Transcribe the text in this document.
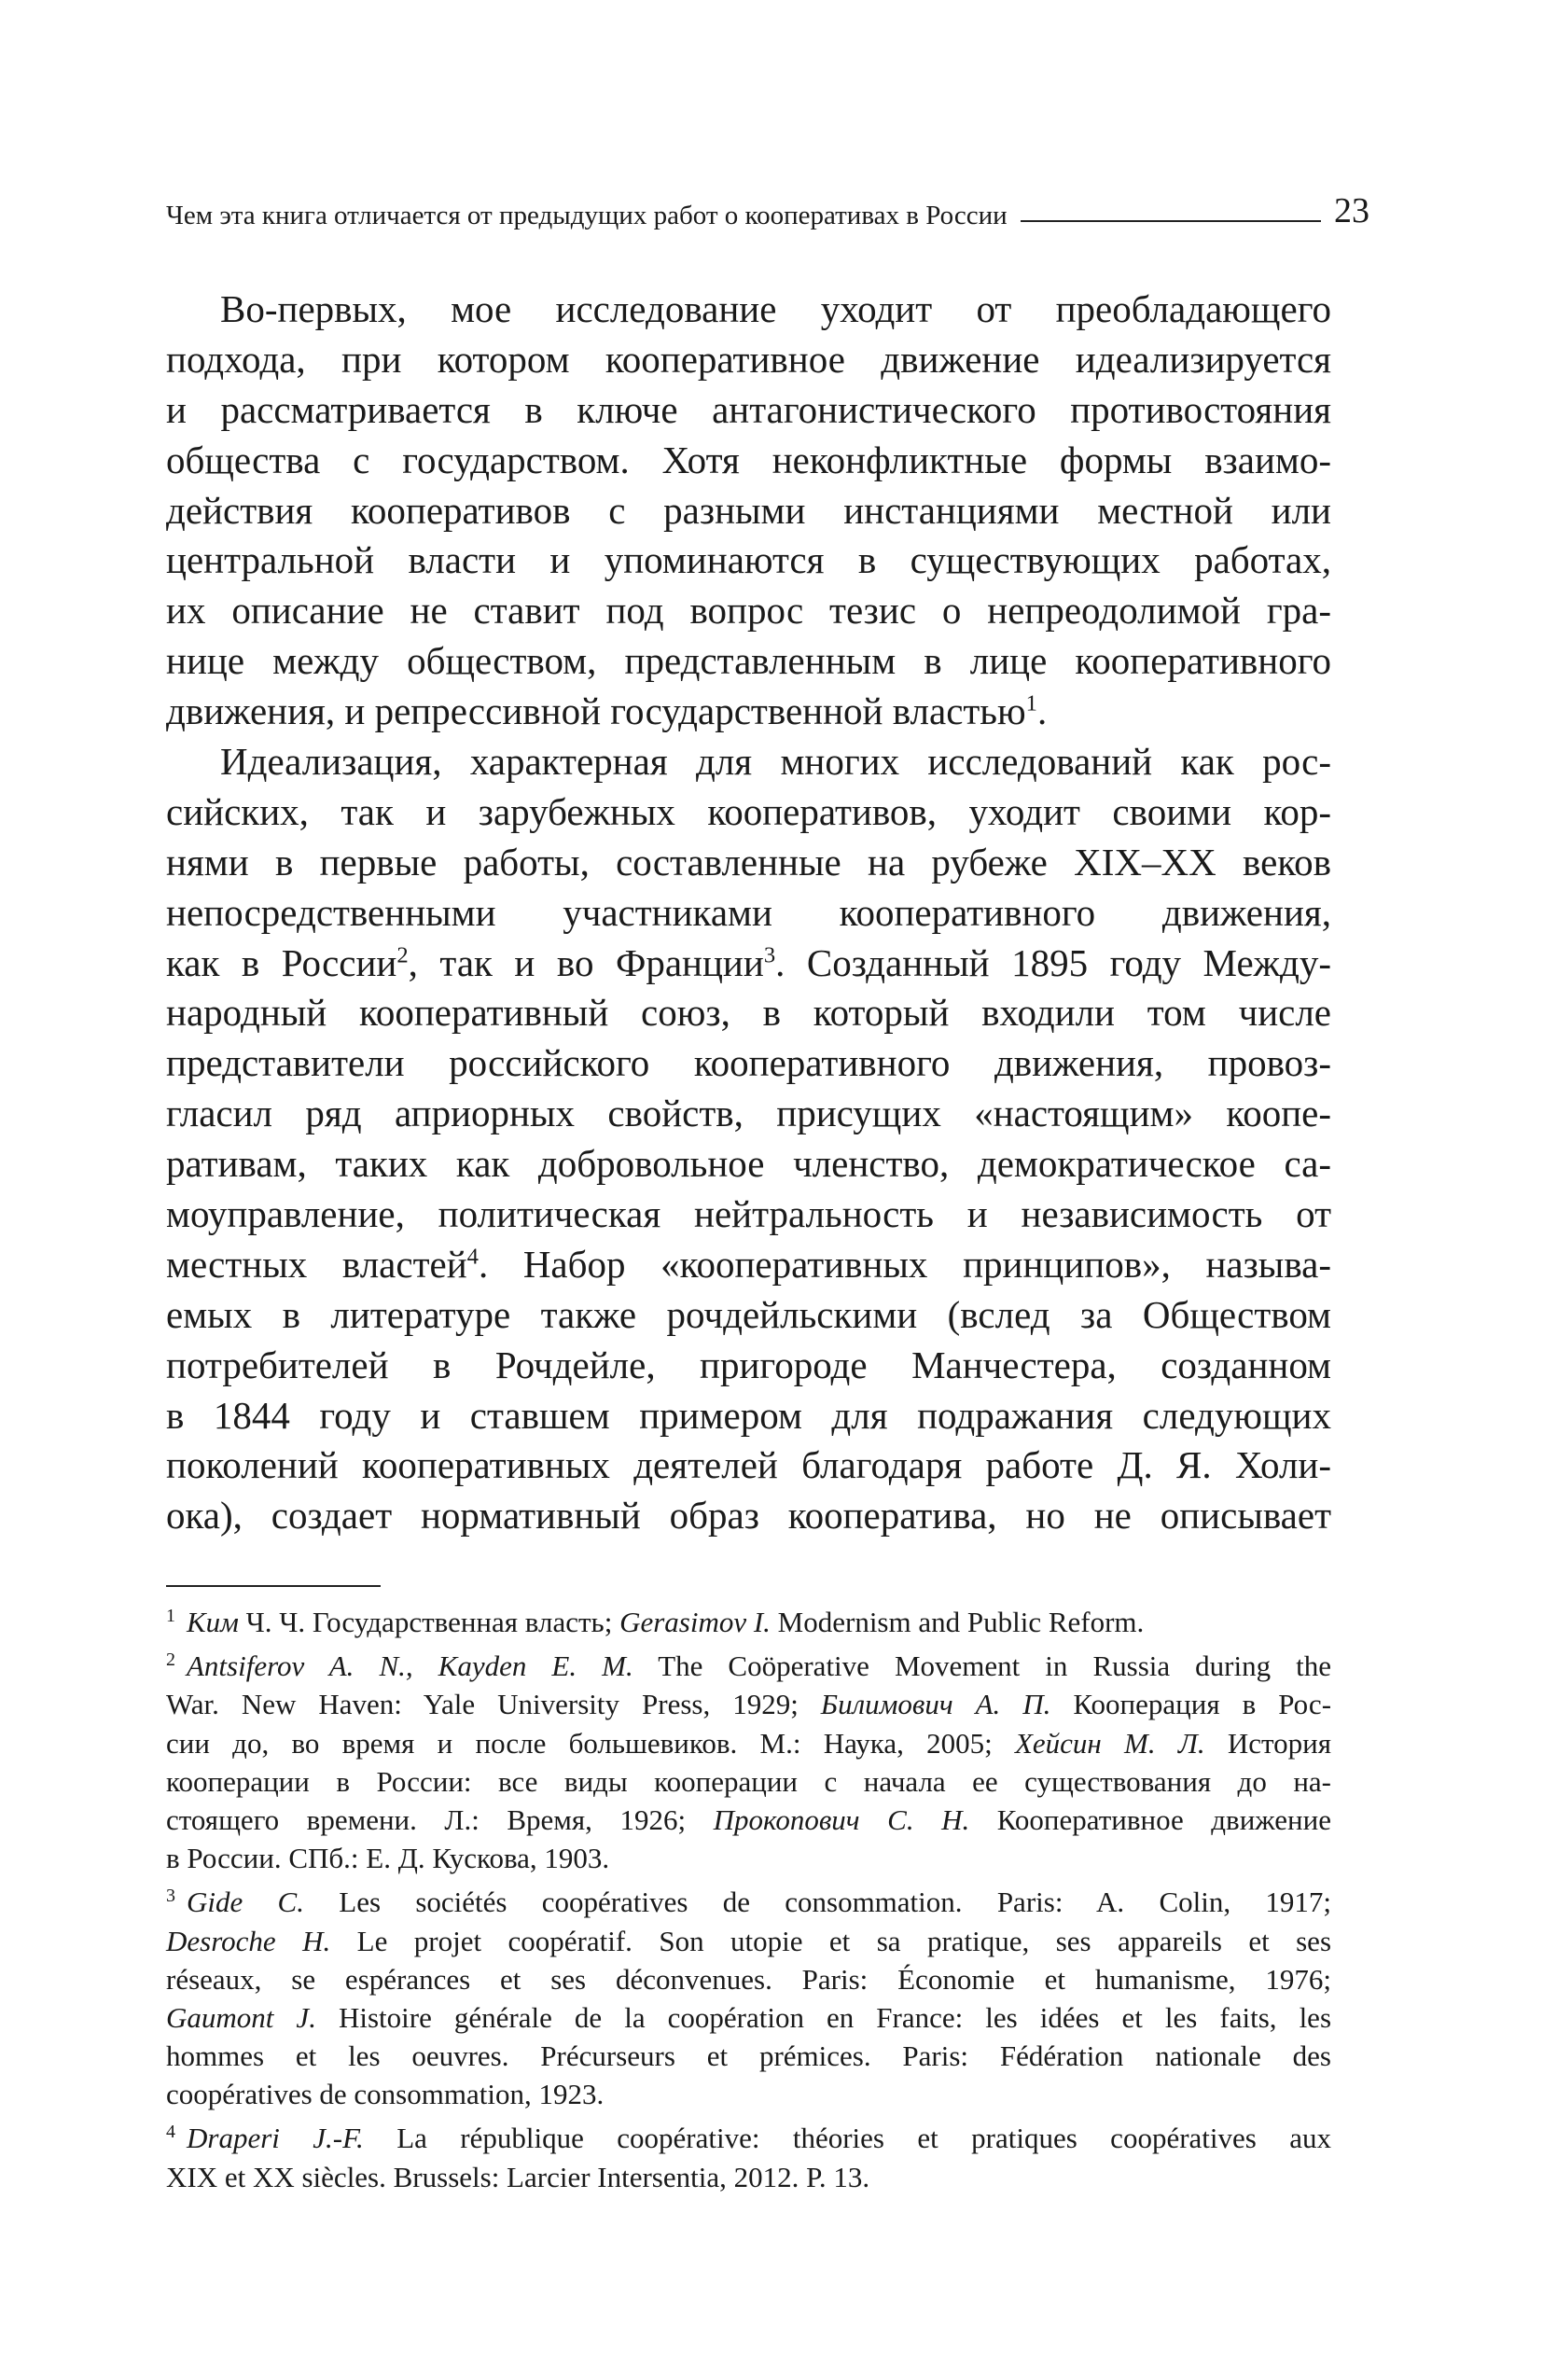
Чем эта книга отличается от предыдущих работ о кооперативах в России	23
Во-первых, мое исследование уходит от преобладающего
подхода, при котором кооперативное движение идеализируется
и рассматривается в ключе антагонистического противостояния
общества с государством. Хотя неконфликтные формы взаимо-
действия кооперативов с разными инстанциями местной или
центральной власти и упоминаются в существующих работах,
их описание не ставит под вопрос тезис о непреодолимой гра-
нице между обществом, представленным в лице кооперативного
движения, и репрессивной государственной властью$^1$.
Идеализация, характерная для многих исследований как рос-
сийских, так и зарубежных кооперативов, уходит своими кор-
нями в первые работы, составленные на рубеже XIX–XX веков
непосредственными участниками кооперативного движения,
как в России$^2$, так и во Франции$^3$. Созданный 1895 году Между-
народный кооперативный союз, в который входили том числе
представители российского кооперативного движения, провоз-
гласил ряд априорных свойств, присущих «настоящим» коопе-
ративам, таких как добровольное членство, демократическое са-
моуправление, политическая нейтральность и независимость от
местных властей$^4$. Набор «кооперативных принципов», называ-
емых в литературе также рочдейльскими (вслед за Обществом
потребителей в Рочдейле, пригороде Манчестера, созданном
в 1844 году и ставшем примером для подражания следующих
поколений кооперативных деятелей благодаря работе Д. Я. Холи-
ока), создает нормативный образ кооператива, но не описывает
$^1$ Ким Ч. Ч. Государственная власть; Gerasimov I. Modernism and Public Reform.
$^2$ Antsiferov A. N., Kayden E. M. The Coöperative Movement in Russia during the
War. New Haven: Yale University Press, 1929; Билимович А. П. Кооперация в Рос-
сии до, во время и после большевиков. М.: Наука, 2005; Хейсин М. Л. История
кооперации в России: все виды кооперации с начала ее существования до на-
стоящего времени. Л.: Время, 1926; Прокопович С. Н. Кооперативное движение
в России. СПб.: Е. Д. Кускова, 1903.
$^3$ Gide C. Les sociétés coopératives de consommation. Paris: A. Colin, 1917;
Desroche H. Le projet coopératif. Son utopie et sa pratique, ses appareils et ses
réseaux, se espérances et ses déconvenues. Paris: Économie et humanisme, 1976;
Gaumont J. Histoire générale de la coopération en France: les idées et les faits, les
hommes et les oeuvres. Précurseurs et prémices. Paris: Fédération nationale des
coopératives de consommation, 1923.
$^4$ Draperi J.-F. La république coopérative: théories et pratiques coopératives aux
XIX et XX siècles. Brussels: Larcier Intersentia, 2012. P. 13.
